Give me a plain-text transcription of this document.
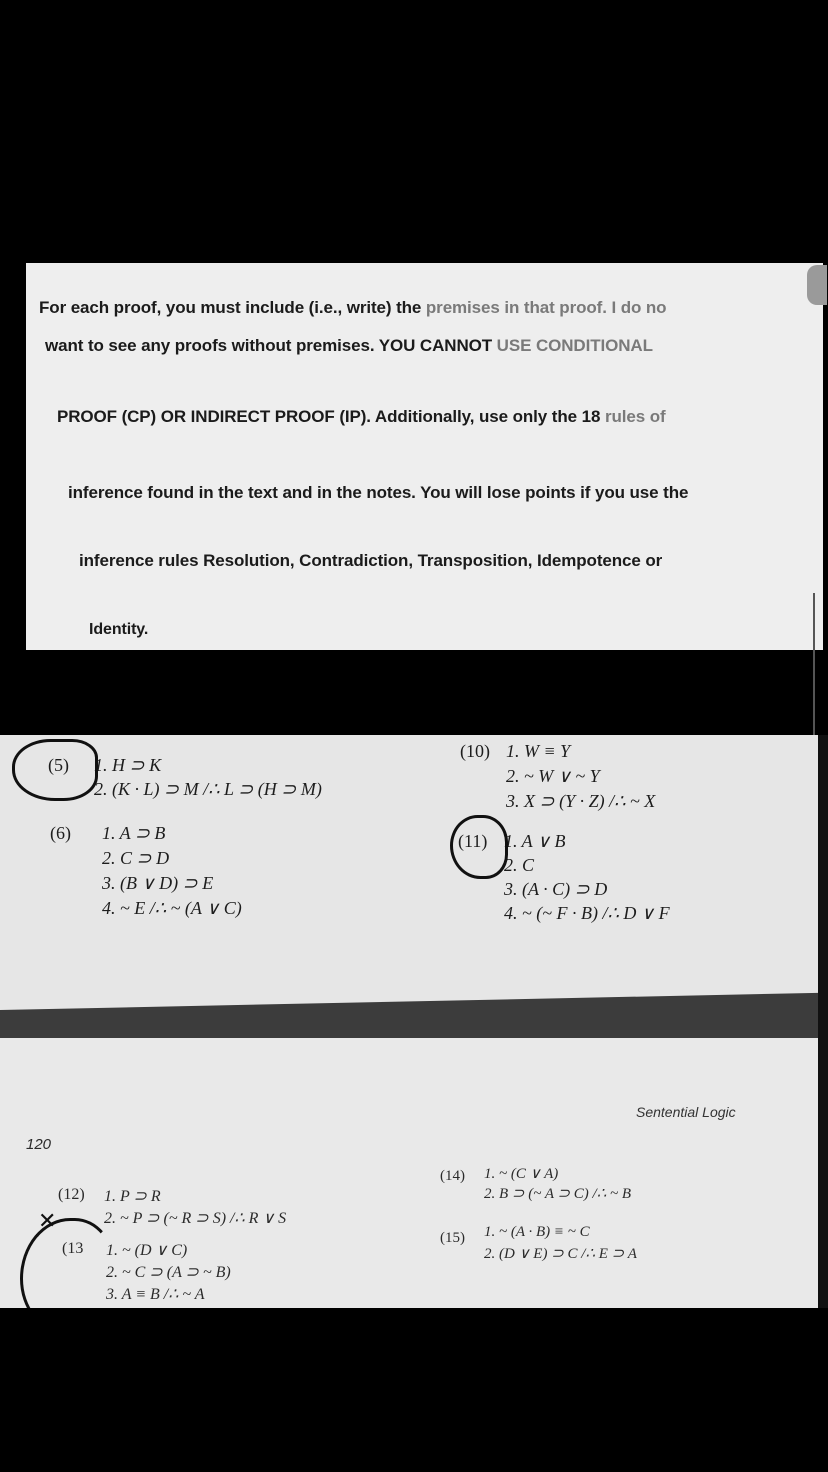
For each proof, you must include (i.e., write) the premises in that proof. I do no
want to see any proofs without premises. YOU CANNOT USE CONDITIONAL
PROOF (CP) OR INDIRECT PROOF (IP). Additionally, use only the 18 rules of
inference found in the text and in the notes. You will lose points if you use the
inference rules Resolution, Contradiction, Transposition, Idempotence or
Identity.
(5) 1. H ⊃ K
2. (K · L) ⊃ M /∴ L ⊃ (H ⊃ M)
(6) 1. A ⊃ B
2. C ⊃ D
3. (B ∨ D) ⊃ E
4. ~ E /∴ ~ (A ∨ C)
(10) 1. W ≡ Y
2. ~ W ∨ ~ Y
3. X ⊃ (Y · Z) /∴ ~ X
(11) 1. A ∨ B
2. C
3. (A · C) ⊃ D
4. ~ (~ F · B) /∴ D ∨ F
120
Sentential Logic
(12) 1. P ⊃ R
2. ~ P ⊃ (~ R ⊃ S) /∴ R ∨ S
(13 1. ~ (D ∨ C)
2. ~ C ⊃ (A ⊃ ~ B)
3. A ≡ B /∴ ~ A
✕
(14) 1. ~ (C ∨ A)
2. B ⊃ (~ A ⊃ C) /∴ ~ B
(15) 1. ~ (A · B) ≡ ~ C
2. (D ∨ E) ⊃ C /∴ E ⊃ A
